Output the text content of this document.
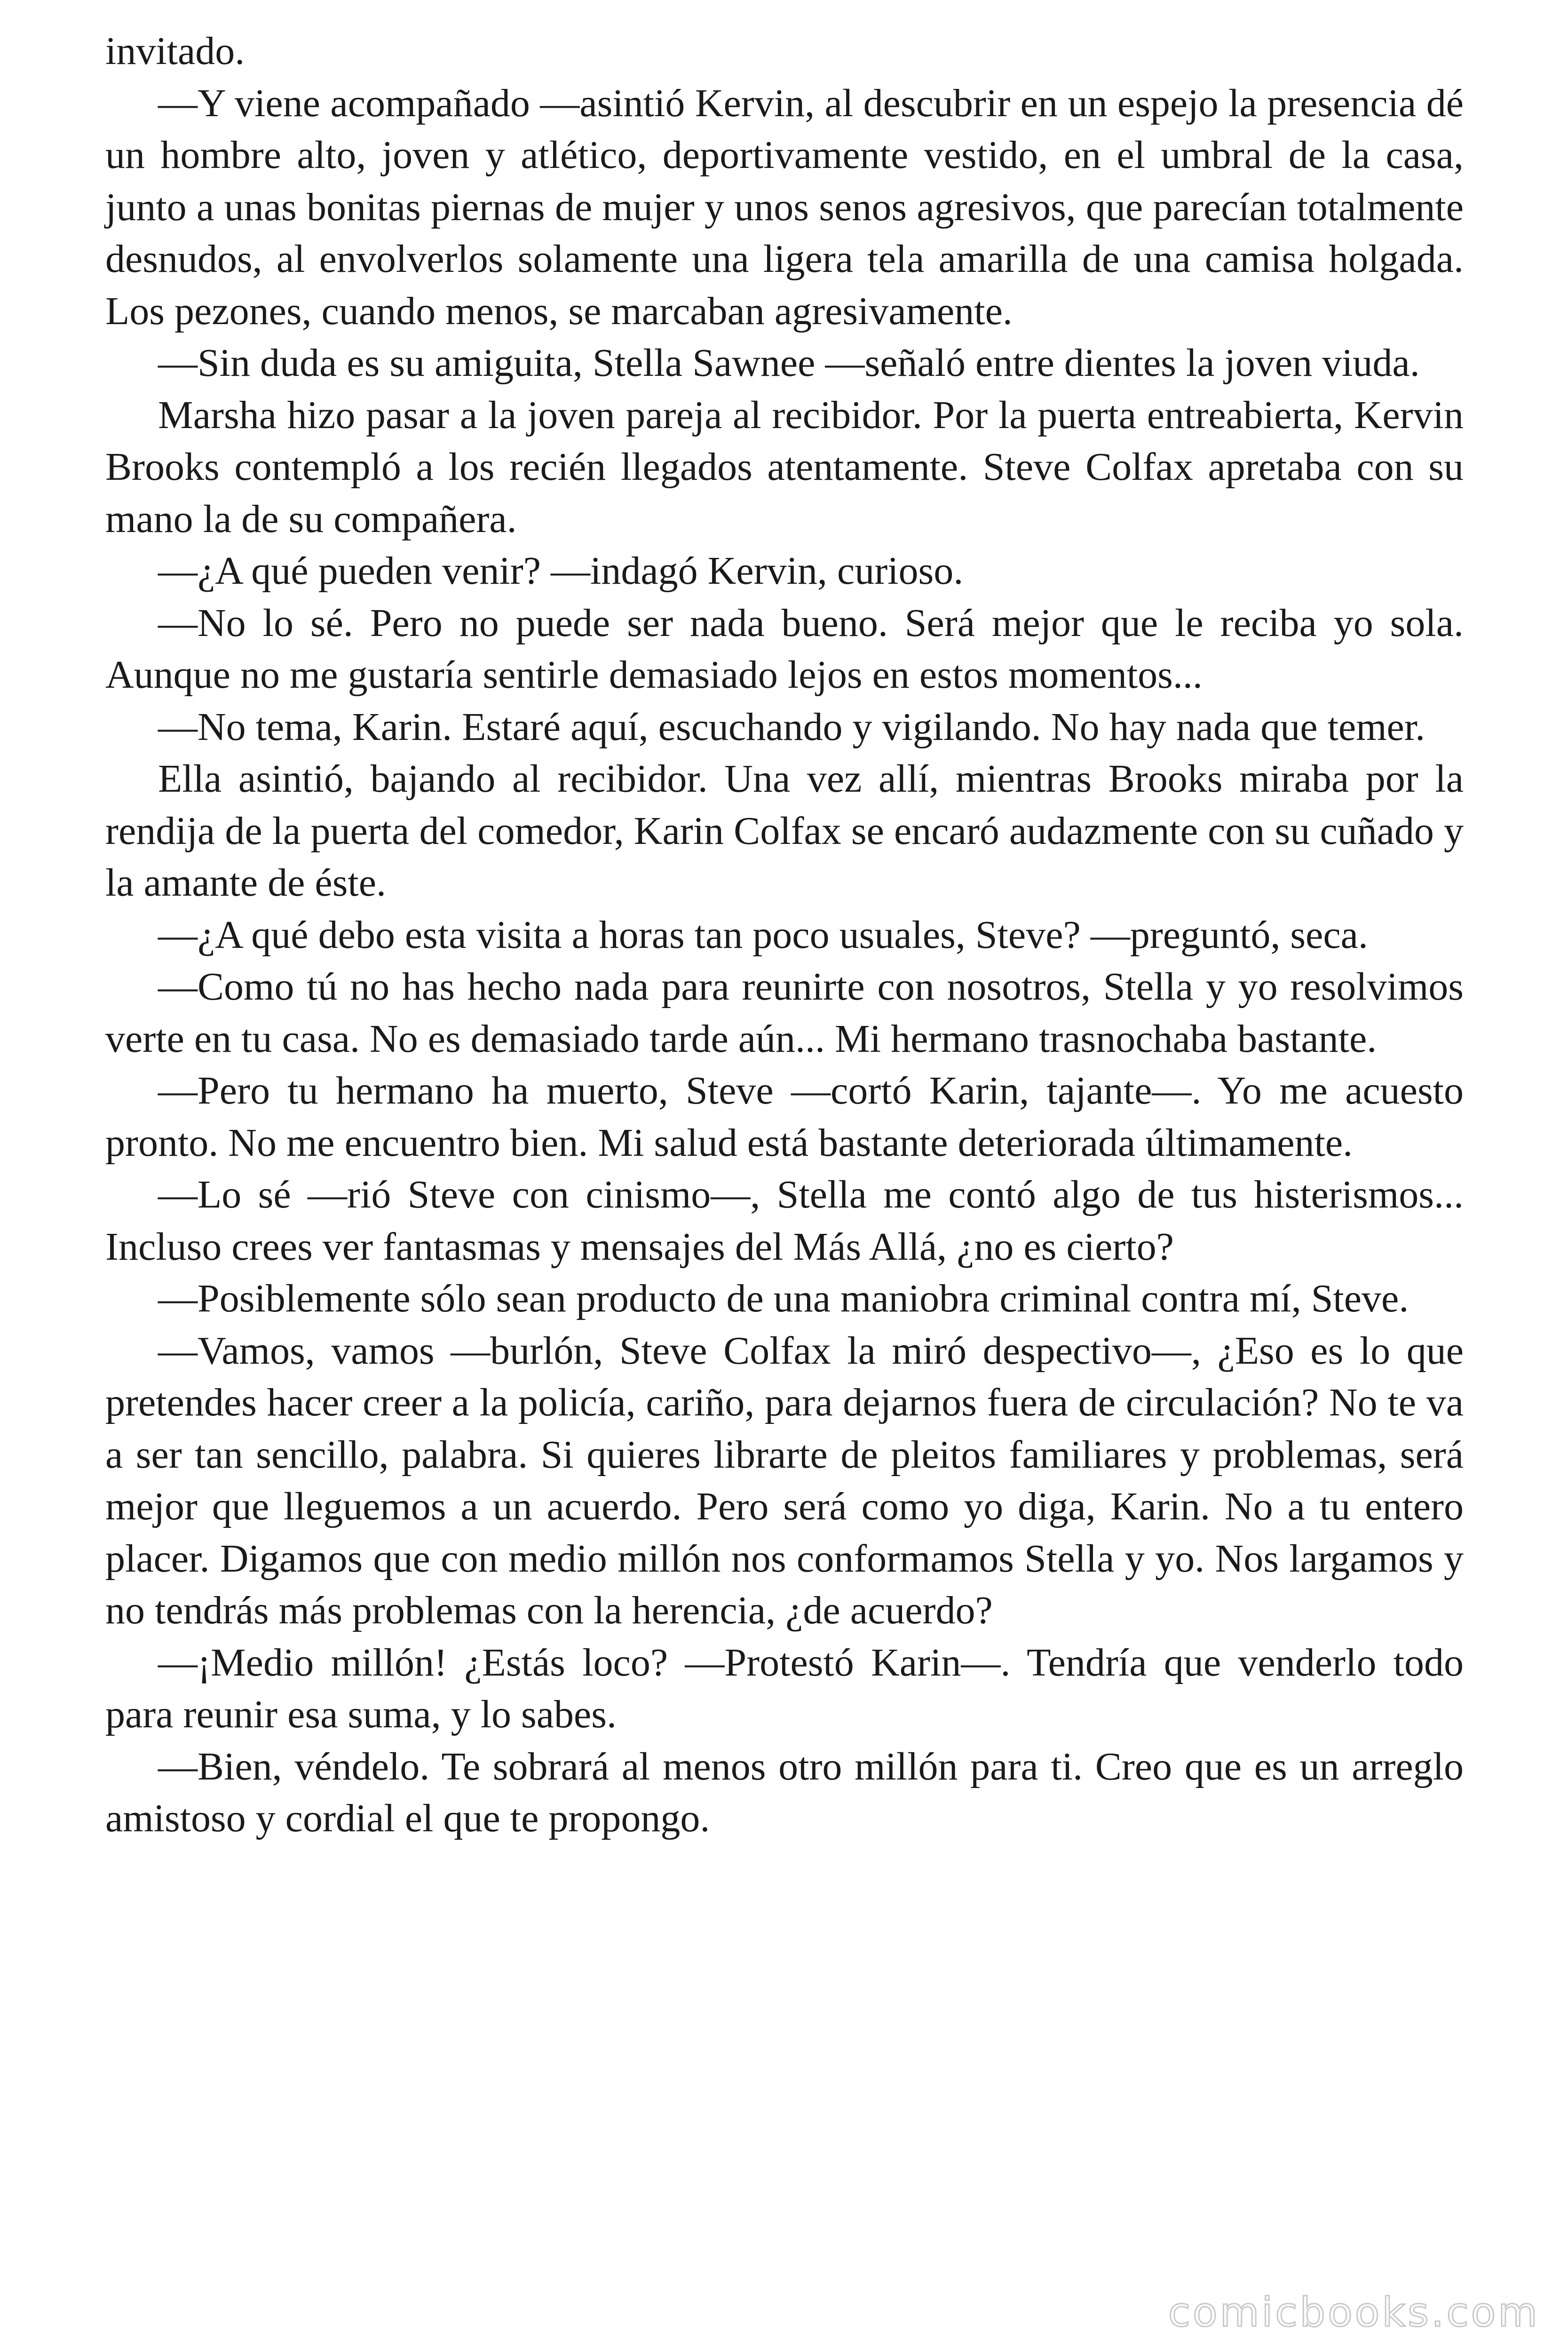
invitado.

—Y viene acompañado —asintió Kervin, al descubrir en un espejo la presencia dé un hombre alto, joven y atlético, deportivamente vestido, en el umbral de la casa, junto a unas bonitas piernas de mujer y unos senos agresivos, que parecían totalmente desnudos, al envolverlos solamente una ligera tela amarilla de una camisa holgada. Los pezones, cuando menos, se marcaban agresivamente.

—Sin duda es su amiguita, Stella Sawnee —señaló entre dientes la joven viuda.

Marsha hizo pasar a la joven pareja al recibidor. Por la puerta entreabierta, Kervin Brooks contempló a los recién llegados atentamente. Steve Colfax apretaba con su mano la de su compañera.

—¿A qué pueden venir? —indagó Kervin, curioso.

—No lo sé. Pero no puede ser nada bueno. Será mejor que le reciba yo sola. Aunque no me gustaría sentirle demasiado lejos en estos momentos...

—No tema, Karin. Estaré aquí, escuchando y vigilando. No hay nada que temer.

Ella asintió, bajando al recibidor. Una vez allí, mientras Brooks miraba por la rendija de la puerta del comedor, Karin Colfax se encaró audazmente con su cuñado y la amante de éste.

—¿A qué debo esta visita a horas tan poco usuales, Steve? —preguntó, seca.

—Como tú no has hecho nada para reunirte con nosotros, Stella y yo resolvimos verte en tu casa. No es demasiado tarde aún... Mi hermano trasnochaba bastante.

—Pero tu hermano ha muerto, Steve —cortó Karin, tajante—. Yo me acuesto pronto. No me encuentro bien. Mi salud está bastante deteriorada últimamente.

—Lo sé —rió Steve con cinismo—, Stella me contó algo de tus histerismos... Incluso crees ver fantasmas y mensajes del Más Allá, ¿no es cierto?

—Posiblemente sólo sean producto de una maniobra criminal contra mí, Steve.

—Vamos, vamos —burlón, Steve Colfax la miró despectivo—, ¿Eso es lo que pretendes hacer creer a la policía, cariño, para dejarnos fuera de circulación? No te va a ser tan sencillo, palabra. Si quieres librarte de pleitos familiares y problemas, será mejor que lleguemos a un acuerdo. Pero será como yo diga, Karin. No a tu entero placer. Digamos que con medio millón nos conformamos Stella y yo. Nos largamos y no tendrás más problemas con la herencia, ¿de acuerdo?

—¡Medio millón! ¿Estás loco? —Protestó Karin—. Tendría que venderlo todo para reunir esa suma, y lo sabes.

—Bien, véndelo. Te sobrará al menos otro millón para ti. Creo que es un arreglo amistoso y cordial el que te propongo.

comicbooks.com
